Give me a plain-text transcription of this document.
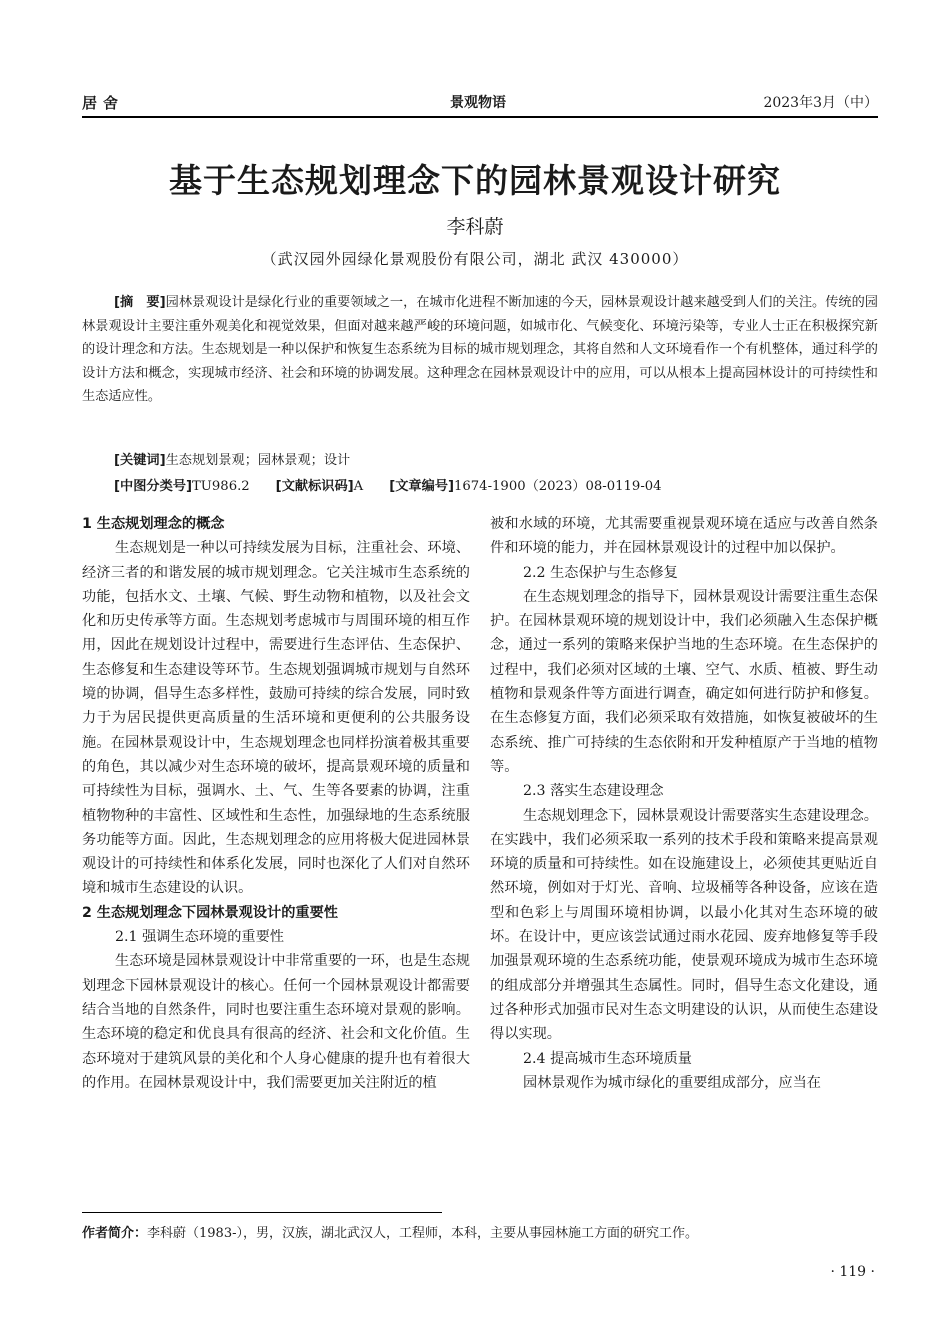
居舍	景观物语	2023年3月（中）
基于生态规划理念下的园林景观设计研究
李科蔚
（武汉园外园绿化景观股份有限公司，湖北 武汉 430000）
[摘　要]园林景观设计是绿化行业的重要领域之一，在城市化进程不断加速的今天，园林景观设计越来越受到人们的关注。传统的园林景观设计主要注重外观美化和视觉效果，但面对越来越严峻的环境问题，如城市化、气候变化、环境污染等，专业人士正在积极探究新的设计理念和方法。生态规划是一种以保护和恢复生态系统为目标的城市规划理念，其将自然和人文环境看作一个有机整体，通过科学的设计方法和概念，实现城市经济、社会和环境的协调发展。这种理念在园林景观设计中的应用，可以从根本上提高园林设计的可持续性和生态适应性。
[关键词]生态规划景观；园林景观；设计
[中图分类号]TU986.2 [文献标识码]A [文章编号]1674-1900（2023）08-0119-04
1 生态规划理念的概念

生态规划是一种以可持续发展为目标，注重社会、环境、经济三者的和谐发展的城市规划理念。它关注城市生态系统的功能，包括水文、土壤、气候、野生动物和植物，以及社会文化和历史传承等方面。生态规划考虑城市与周围环境的相互作用，因此在规划设计过程中，需要进行生态评估、生态保护、生态修复和生态建设等环节。生态规划强调城市规划与自然环境的协调，倡导生态多样性，鼓励可持续的综合发展，同时致力于为居民提供更高质量的生活环境和更便利的公共服务设施。在园林景观设计中，生态规划理念也同样扮演着极其重要的角色，其以减少对生态环境的破坏，提高景观环境的质量和可持续性为目标，强调水、土、气、生等各要素的协调，注重植物物种的丰富性、区域性和生态性，加强绿地的生态系统服务功能等方面。因此，生态规划理念的应用将极大促进园林景观设计的可持续性和体系化发展，同时也深化了人们对自然环境和城市生态建设的认识。

2 生态规划理念下园林景观设计的重要性
2.1 强调生态环境的重要性

生态环境是园林景观设计中非常重要的一环，也是生态规划理念下园林景观设计的核心。任何一个园林景观设计都需要结合当地的自然条件，同时也要注重生态环境对景观的影响。生态环境的稳定和优良具有很高的经济、社会和文化价值。生态环境对于建筑风景的美化和个人身心健康的提升也有着很大的作用。在园林景观设计中，我们需要更加关注附近的植

被和水域的环境，尤其需要重视景观环境在适应与改善自然条件和环境的能力，并在园林景观设计的过程中加以保护。

2.2 生态保护与生态修复

在生态规划理念的指导下，园林景观设计需要注重生态保护。在园林景观环境的规划设计中，我们必须融入生态保护概念，通过一系列的策略来保护当地的生态环境。在生态保护的过程中，我们必须对区域的土壤、空气、水质、植被、野生动植物和景观条件等方面进行调查，确定如何进行防护和修复。在生态修复方面，我们必须采取有效措施，如恢复被破坏的生态系统、推广可持续的生态依附和开发种植原产于当地的植物等。

2.3 落实生态建设理念

生态规划理念下，园林景观设计需要落实生态建设理念。在实践中，我们必须采取一系列的技术手段和策略来提高景观环境的质量和可持续性。如在设施建设上，必须使其更贴近自然环境，例如对于灯光、音响、垃圾桶等各种设备，应该在造型和色彩上与周围环境相协调，以最小化其对生态环境的破坏。在设计中，更应该尝试通过雨水花园、废弃地修复等手段加强景观环境的生态系统功能，使景观环境成为城市生态环境的组成部分并增强其生态属性。同时，倡导生态文化建设，通过各种形式加强市民对生态文明建设的认识，从而使生态建设得以实现。

2.4 提高城市生态环境质量

园林景观作为城市绿化的重要组成部分，应当在

作者简介：李科蔚（1983-），男，汉族，湖北武汉人，工程师，本科，主要从事园林施工方面的研究工作。
· 119 ·
